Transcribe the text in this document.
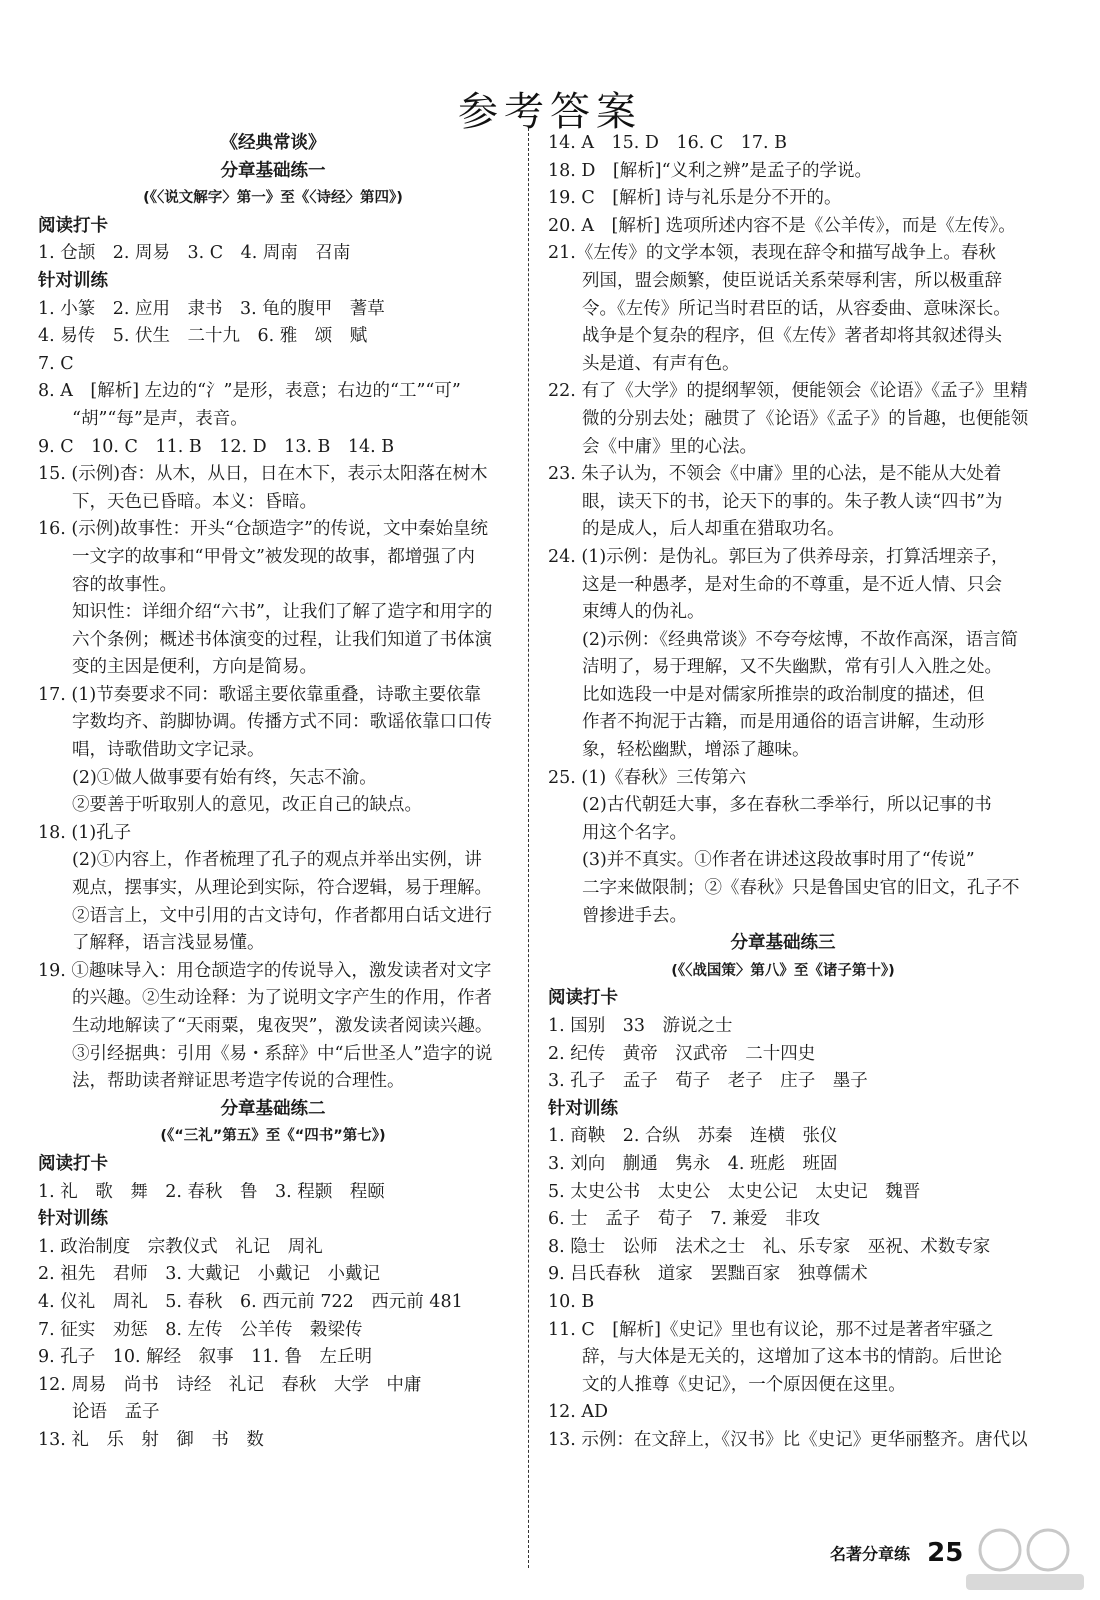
参考答案
《经典常谈》
分章基础练一
(《〈说文解字〉第一》至《〈诗经〉第四》)
阅读打卡
1. 仓颉　2. 周易　3. C　4. 周南　召南
针对训练
1. 小篆　2. 应用　隶书　3. 龟的腹甲　蓍草
4. 易传　5. 伏生　二十九　6. 雅　颂　赋
7. C
8. A　[解析] 左边的“氵”是形，表意；右边的“工”“可”
“胡”“每”是声，表音。
9. C　10. C　11. B　12. D　13. B　14. B
15. (示例)杳：从木，从日，日在木下，表示太阳落在树木
下，天色已昏暗。本义：昏暗。
16. (示例)故事性：开头“仓颉造字”的传说，文中秦始皇统
一文字的故事和“甲骨文”被发现的故事，都增强了内
容的故事性。
知识性：详细介绍“六书”，让我们了解了造字和用字的
六个条例；概述书体演变的过程，让我们知道了书体演
变的主因是便利，方向是简易。
17. (1)节奏要求不同：歌谣主要依靠重叠，诗歌主要依靠
字数均齐、韵脚协调。传播方式不同：歌谣依靠口口传
唱，诗歌借助文字记录。
(2)①做人做事要有始有终，矢志不渝。
②要善于听取别人的意见，改正自己的缺点。
18. (1)孔子
(2)①内容上，作者梳理了孔子的观点并举出实例，讲
观点，摆事实，从理论到实际，符合逻辑，易于理解。
②语言上，文中引用的古文诗句，作者都用白话文进行
了解释，语言浅显易懂。
19. ①趣味导入：用仓颉造字的传说导入，激发读者对文字
的兴趣。②生动诠释：为了说明文字产生的作用，作者
生动地解读了“天雨粟，鬼夜哭”，激发读者阅读兴趣。
③引经据典：引用《易・系辞》中“后世圣人”造字的说
法，帮助读者辩证思考造字传说的合理性。
分章基础练二
(《“三礼”第五》至《“四书”第七》)
阅读打卡
1. 礼　歌　舞　2. 春秋　鲁　3. 程颢　程颐
针对训练
1. 政治制度　宗教仪式　礼记　周礼
2. 祖先　君师　3. 大戴记　小戴记　小戴记
4. 仪礼　周礼　5. 春秋　6. 西元前 722　西元前 481
7. 征实　劝惩　8. 左传　公羊传　穀梁传
9. 孔子　10. 解经　叙事　11. 鲁　左丘明
12. 周易　尚书　诗经　礼记　春秋　大学　中庸
论语　孟子
13. 礼　乐　射　御　书　数
14. A　15. D　16. C　17. B
18. D　[解析]“义利之辨”是孟子的学说。
19. C　[解析] 诗与礼乐是分不开的。
20. A　[解析] 选项所述内容不是《公羊传》，而是《左传》。
21.《左传》的文学本领，表现在辞令和描写战争上。春秋
列国，盟会颇繁，使臣说话关系荣辱利害，所以极重辞
令。《左传》所记当时君臣的话，从容委曲、意味深长。
战争是个复杂的程序，但《左传》著者却将其叙述得头
头是道、有声有色。
22. 有了《大学》的提纲挈领，便能领会《论语》《孟子》里精
微的分别去处；融贯了《论语》《孟子》的旨趣，也便能领
会《中庸》里的心法。
23. 朱子认为，不领会《中庸》里的心法，是不能从大处着
眼，读天下的书，论天下的事的。朱子教人读“四书”为
的是成人，后人却重在猎取功名。
24. (1)示例：是伪礼。郭巨为了供养母亲，打算活埋亲子，
这是一种愚孝，是对生命的不尊重，是不近人情、只会
束缚人的伪礼。
(2)示例：《经典常谈》不夸夸炫博，不故作高深，语言简
洁明了，易于理解，又不失幽默，常有引人入胜之处。
比如选段一中是对儒家所推崇的政治制度的描述，但
作者不拘泥于古籍，而是用通俗的语言讲解，生动形
象，轻松幽默，增添了趣味。
25. (1)《春秋》三传第六
(2)古代朝廷大事，多在春秋二季举行，所以记事的书
用这个名字。
(3)并不真实。①作者在讲述这段故事时用了“传说”
二字来做限制；②《春秋》只是鲁国史官的旧文，孔子不
曾掺进手去。
分章基础练三
(《〈战国策〉第八》至《诸子第十》)
阅读打卡
1. 国别　33　游说之士
2. 纪传　黄帝　汉武帝　二十四史
3. 孔子　孟子　荀子　老子　庄子　墨子
针对训练
1. 商鞅　2. 合纵　苏秦　连横　张仪
3. 刘向　蒯通　隽永　4. 班彪　班固
5. 太史公书　太史公　太史公记　太史记　魏晋
6. 士　孟子　荀子　7. 兼爱　非攻
8. 隐士　讼师　法术之士　礼、乐专家　巫祝、术数专家
9. 吕氏春秋　道家　罢黜百家　独尊儒术
10. B
11. C　[解析]《史记》里也有议论，那不过是著者牢骚之
辞，与大体是无关的，这增加了这本书的情韵。后世论
文的人推尊《史记》，一个原因便在这里。
12. AD
13. 示例：在文辞上，《汉书》比《史记》更华丽整齐。唐代以
名著分章练 25
